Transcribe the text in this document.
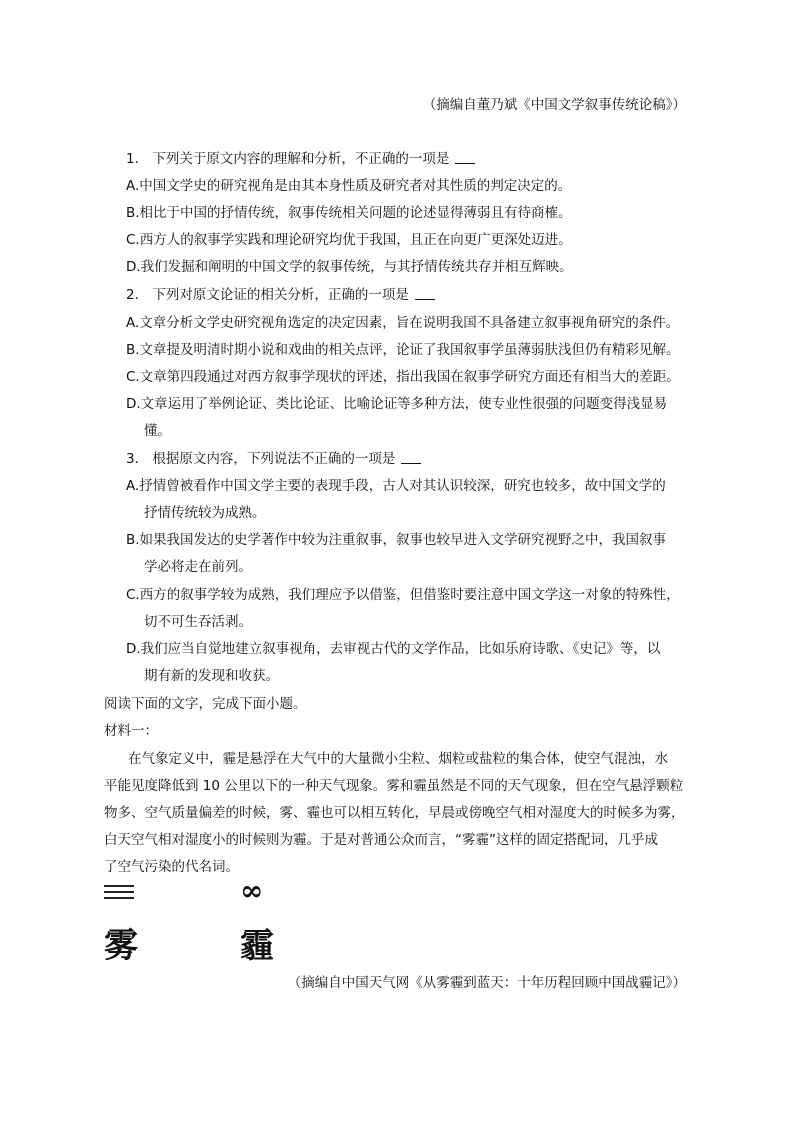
（摘编自董乃斌《中国文学叙事传统论稿》）
1.　下列关于原文内容的理解和分析，不正确的一项是
A.中国文学史的研究视角是由其本身性质及研究者对其性质的判定决定的。
B.相比于中国的抒情传统，叙事传统相关问题的论述显得薄弱且有待商榷。
C.西方人的叙事学实践和理论研究均优于我国，且正在向更广更深处迈进。
D.我们发掘和阐明的中国文学的叙事传统，与其抒情传统共存并相互辉映。
2.　下列对原文论证的相关分析，正确的一项是
A.文章分析文学史研究视角选定的决定因素，旨在说明我国不具备建立叙事视角研究的条件。
B.文章提及明清时期小说和戏曲的相关点评，论证了我国叙事学虽薄弱肤浅但仍有精彩见解。
C.文章第四段通过对西方叙事学现状的评述，指出我国在叙事学研究方面还有相当大的差距。
D.文章运用了举例论证、类比论证、比喻论证等多种方法，使专业性很强的问题变得浅显易
懂。
3.　根据原文内容，下列说法不正确的一项是
A.抒情曾被看作中国文学主要的表现手段，古人对其认识较深，研究也较多，故中国文学的
抒情传统较为成熟。
B.如果我国发达的史学著作中较为注重叙事，叙事也较早进入文学研究视野之中，我国叙事
学必将走在前列。
C.西方的叙事学较为成熟，我们理应予以借鉴，但借鉴时要注意中国文学这一对象的特殊性，
切不可生吞活剥。
D.我们应当自觉地建立叙事视角，去审视古代的文学作品，比如乐府诗歌、《史记》等，以
期有新的发现和收获。
阅读下面的文字，完成下面小题。
材料一：
在气象定义中，霾是悬浮在大气中的大量微小尘粒、烟粒或盐粒的集合体，使空气混浊，水
平能见度降低到 10 公里以下的一种天气现象。雾和霾虽然是不同的天气现象，但在空气悬浮颗粒
物多、空气质量偏差的时候，雾、霾也可以相互转化，早晨或傍晚空气相对湿度大的时候多为雾，
白天空气相对湿度小的时候则为霾。于是对普通公众而言，“雾霾”这样的固定搭配词，几乎成
了空气污染的代名词。
∞
雾	霾
（摘编自中国天气网《从雾霾到蓝天：十年历程回顾中国战霾记》）
